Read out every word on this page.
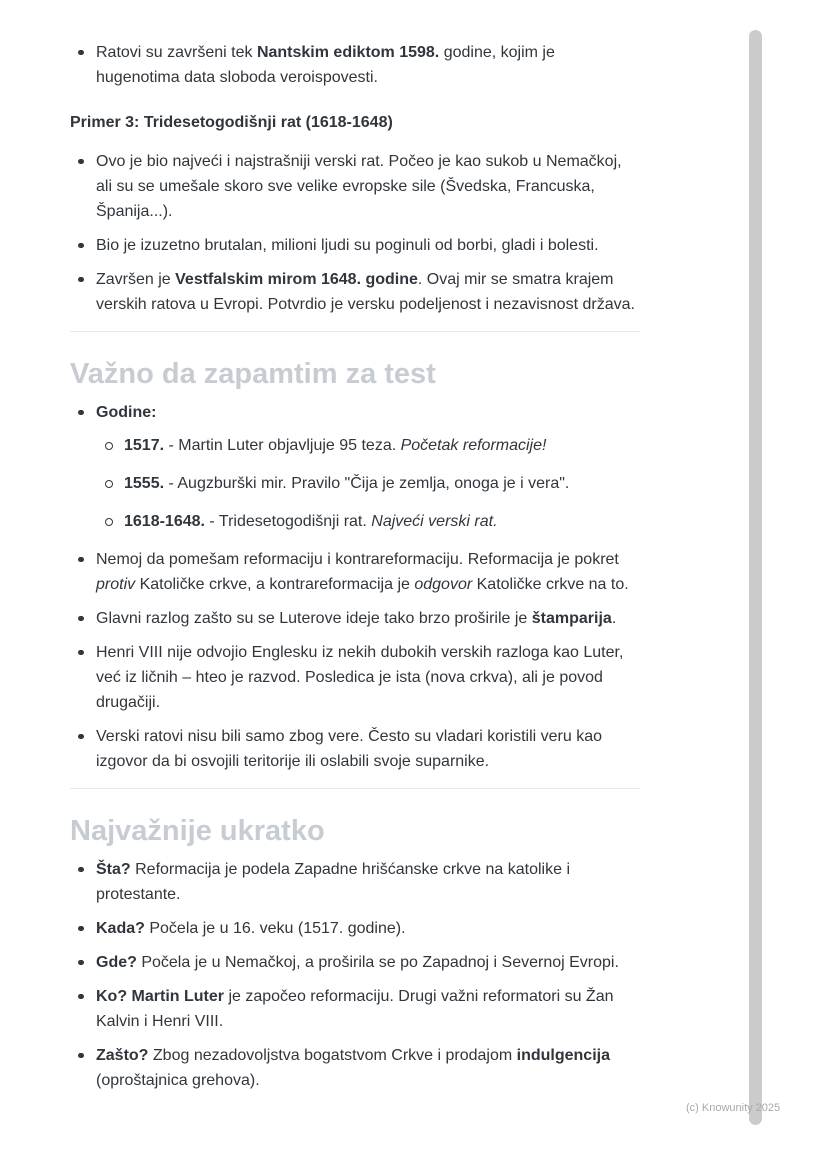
Ratovi su završeni tek Nantskim ediktom 1598. godine, kojim je hugenotima data sloboda veroispovesti.
Primer 3: Tridesetogodišnji rat (1618-1648)
Ovo je bio najveći i najstrašniji verski rat. Počeo je kao sukob u Nemačkoj, ali su se umešale skoro sve velike evropske sile (Švedska, Francuska, Španija...).
Bio je izuzetno brutalan, milioni ljudi su poginuli od borbi, gladi i bolesti.
Završen je Vestfalskim mirom 1648. godine. Ovaj mir se smatra krajem verskih ratova u Evropi. Potvrdio je versku podeljenost i nezavisnost država.
Važno da zapamtim za test
Godine:
1517. - Martin Luter objavljuje 95 teza. Početak reformacije!
1555. - Augzburški mir. Pravilo "Čija je zemlja, onoga je i vera".
1618-1648. - Tridesetogodišnji rat. Najveći verski rat.
Nemoj da pomešam reformaciju i kontrareformaciju. Reformacija je pokret protiv Katoličke crkve, a kontrareformacija je odgovor Katoličke crkve na to.
Glavni razlog zašto su se Luterove ideje tako brzo proširile je štamparija.
Henri VIII nije odvojio Englesku iz nekih dubokih verskih razloga kao Luter, već iz ličnih – hteo je razvod. Posledica je ista (nova crkva), ali je povod drugačiji.
Verski ratovi nisu bili samo zbog vere. Često su vladari koristili veru kao izgovor da bi osvojili teritorije ili oslabili svoje suparnike.
Najvažnije ukratko
Šta? Reformacija je podela Zapadne hrišćanske crkve na katolike i protestante.
Kada? Počela je u 16. veku (1517. godine).
Gde? Počela je u Nemačkoj, a proširila se po Zapadnoj i Severnoj Evropi.
Ko? Martin Luter je započeo reformaciju. Drugi važni reformatori su Žan Kalvin i Henri VIII.
Zašto? Zbog nezadovoljstva bogatstvom Crkve i prodajom indulgencija (oproštajnica grehova).
(c) Knowunity 2025
